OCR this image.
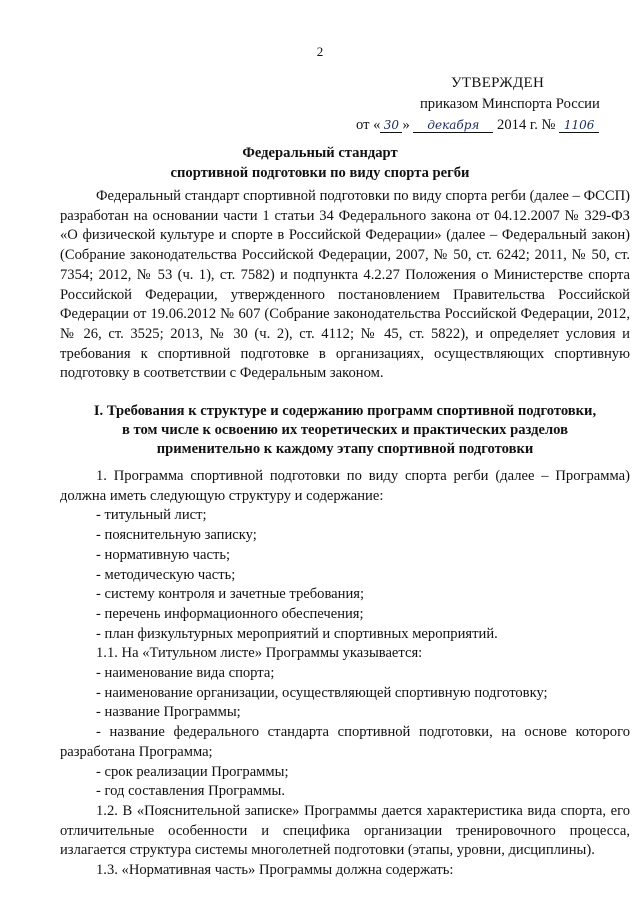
2
УТВЕРЖДЕН
приказом Минспорта России
от « 30 » декабря 2014 г. № 1106
Федеральный стандарт
спортивной подготовки по виду спорта регби

Федеральный стандарт спортивной подготовки по виду спорта регби (далее – ФССП) разработан на основании части 1 статьи 34 Федерального закона от 04.12.2007 № 329-ФЗ «О физической культуре и спорте в Российской Федерации» (далее – Федеральный закон) (Собрание законодательства Российской Федерации, 2007, № 50, ст. 6242; 2011, № 50, ст. 7354; 2012, № 53 (ч. 1), ст. 7582) и подпункта 4.2.27 Положения о Министерстве спорта Российской Федерации, утвержденного постановлением Правительства Российской Федерации от 19.06.2012 № 607 (Собрание законодательства Российской Федерации, 2012, № 26, ст. 3525; 2013, № 30 (ч. 2), ст. 4112; № 45, ст. 5822), и определяет условия и требования к спортивной подготовке в организациях, осуществляющих спортивную подготовку в соответствии с Федеральным законом.

I. Требования к структуре и содержанию программ спортивной подготовки,
в том числе к освоению их теоретических и практических разделов
применительно к каждому этапу спортивной подготовки

1. Программа спортивной подготовки по виду спорта регби (далее – Программа) должна иметь следующую структуру и содержание:

- титульный лист;

- пояснительную записку;

- нормативную часть;

- методическую часть;

- систему контроля и зачетные требования;

- перечень информационного обеспечения;

- план физкультурных мероприятий и спортивных мероприятий.

1.1. На «Титульном листе» Программы указывается:

- наименование вида спорта;

- наименование организации, осуществляющей спортивную подготовку;

- название Программы;

- название федерального стандарта спортивной подготовки, на основе которого разработана Программа;

- срок реализации Программы;

- год составления Программы.

1.2. В «Пояснительной записке» Программы дается характеристика вида спорта, его отличительные особенности и специфика организации тренировочного процесса, излагается структура системы многолетней подготовки (этапы, уровни, дисциплины).

1.3. «Нормативная часть» Программы должна содержать:
